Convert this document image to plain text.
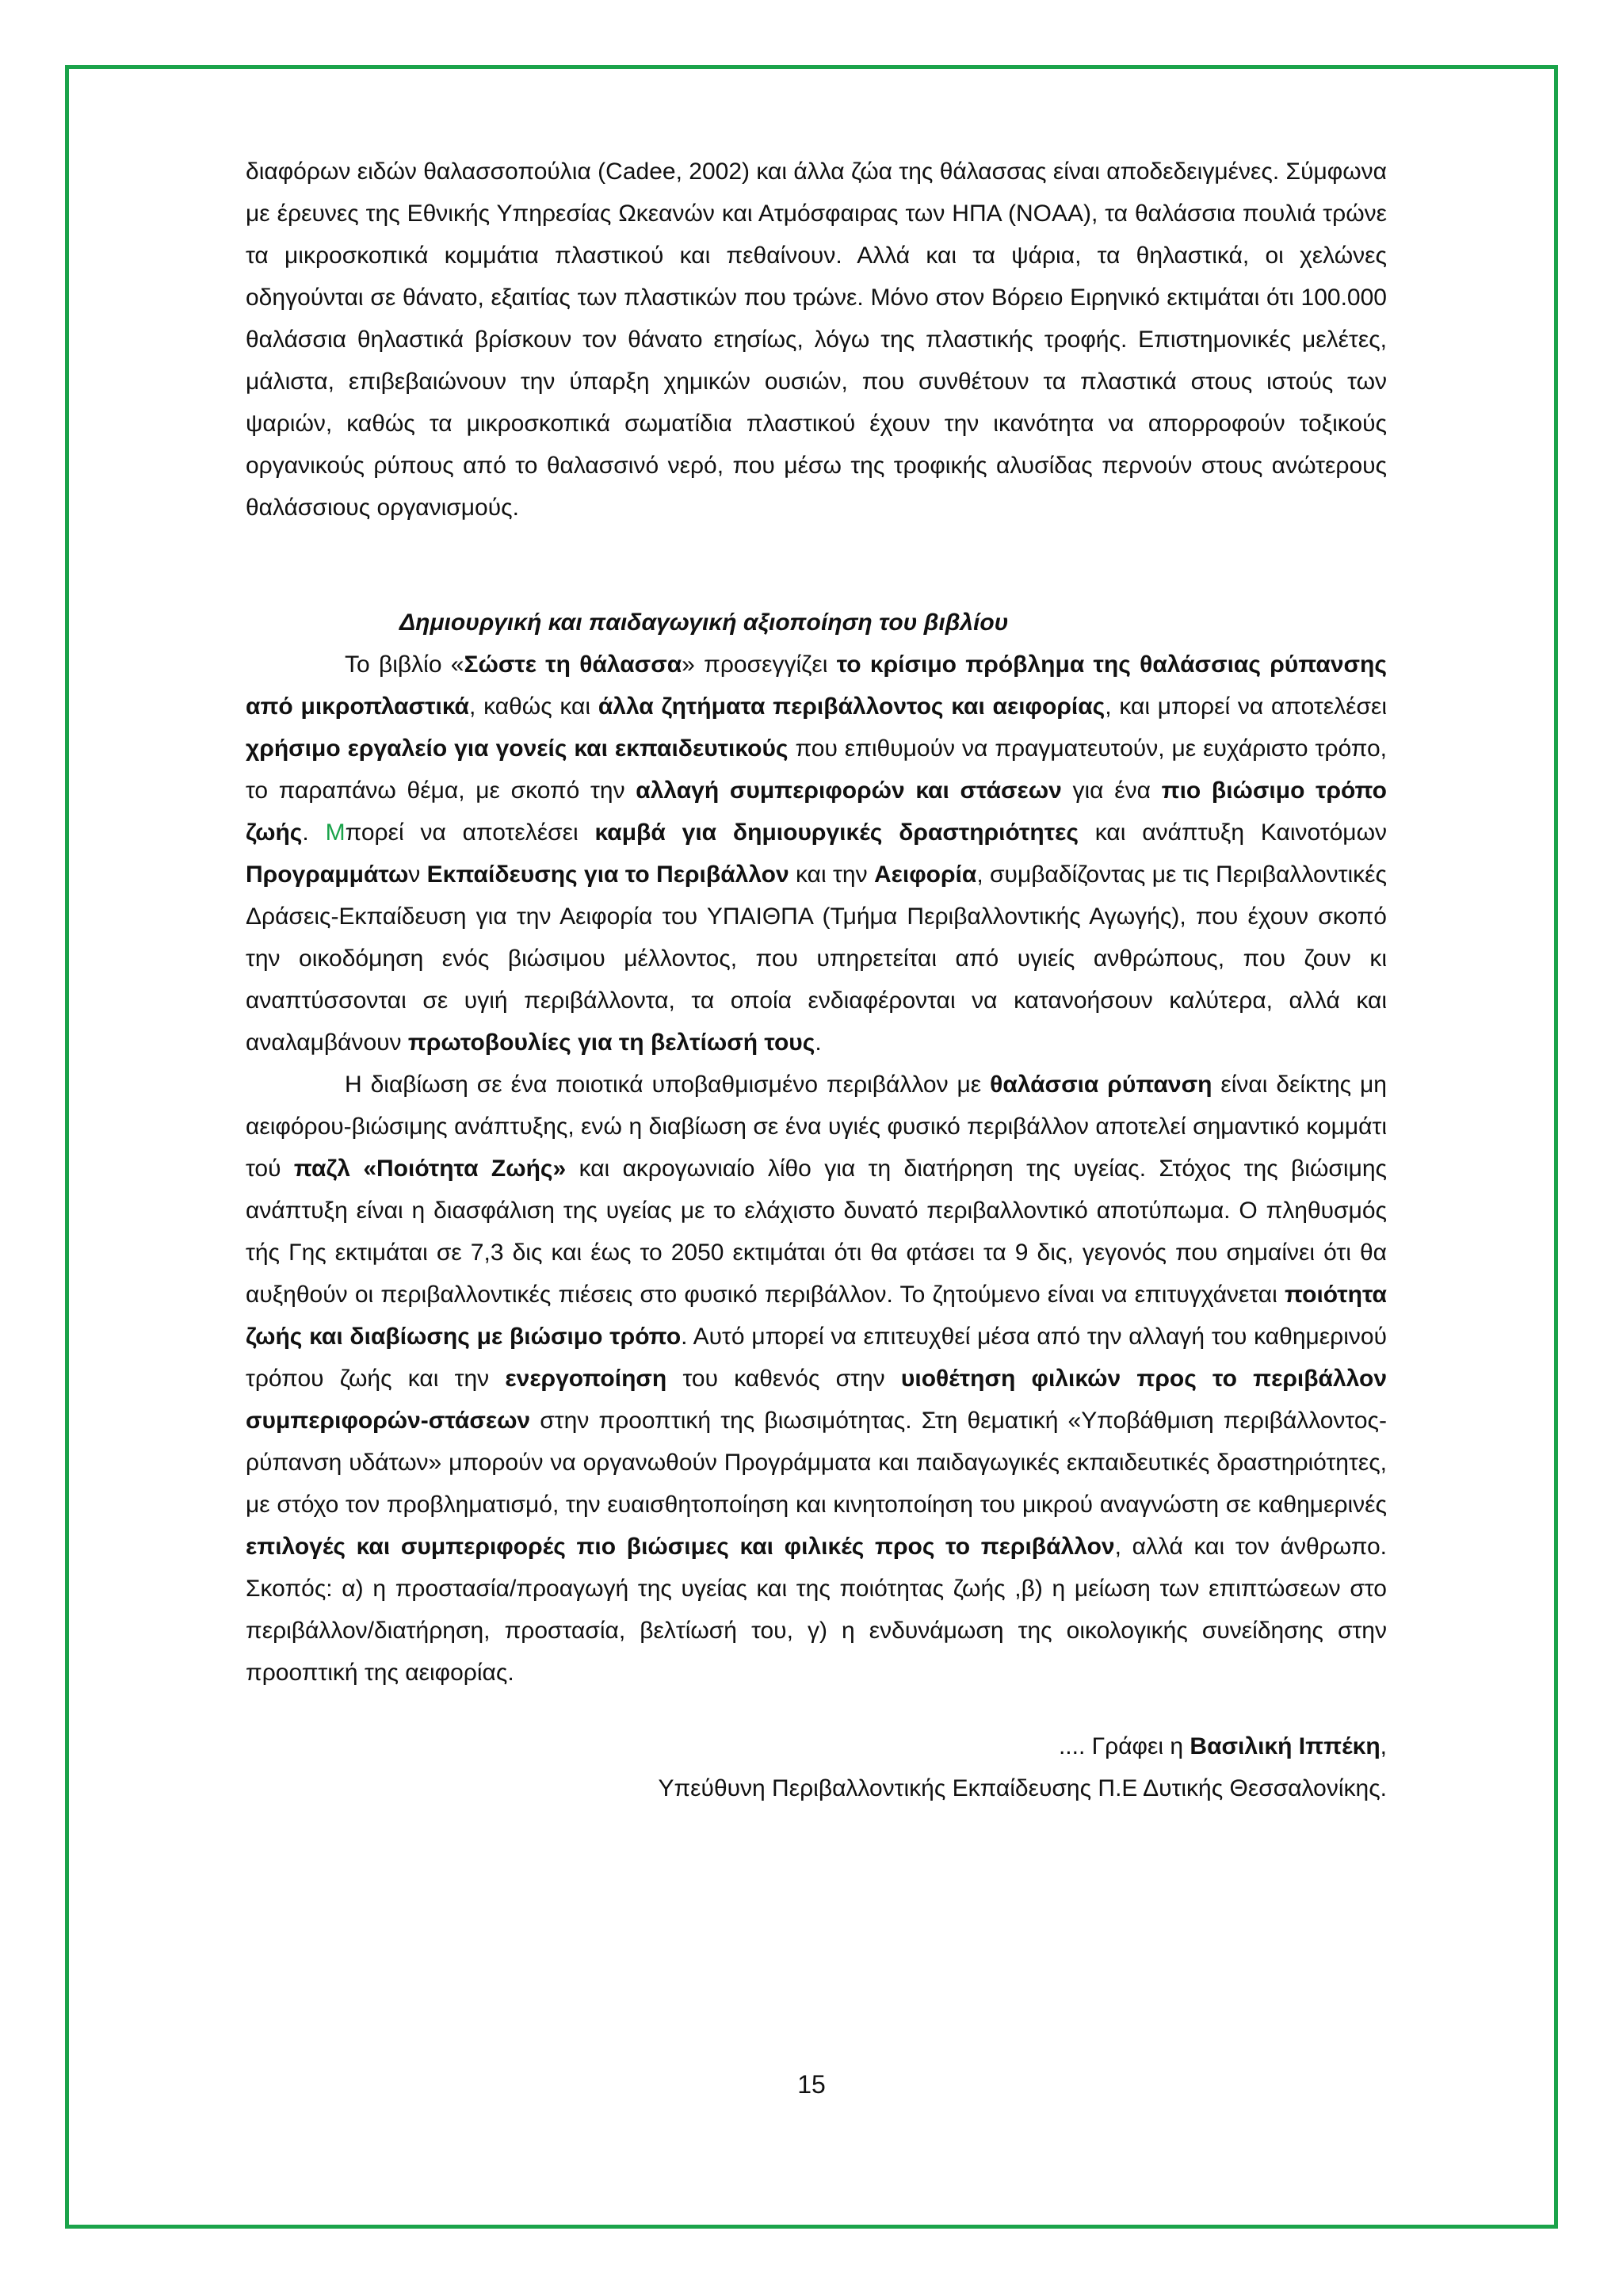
διαφόρων ειδών θαλασσοπούλια (Cadee, 2002) και άλλα ζώα της θάλασσας είναι αποδεδειγμένες. Σύμφωνα με έρευνες της Εθνικής Υπηρεσίας Ωκεανών και Ατμόσφαιρας των ΗΠΑ (NOAA), τα θαλάσσια πουλιά τρώνε τα μικροσκοπικά κομμάτια πλαστικού και πεθαίνουν. Αλλά και τα ψάρια, τα θηλαστικά, οι χελώνες οδηγούνται σε θάνατο, εξαιτίας των πλαστικών που τρώνε. Μόνο στον Βόρειο Ειρηνικό εκτιμάται ότι 100.000 θαλάσσια θηλαστικά βρίσκουν τον θάνατο ετησίως, λόγω της πλαστικής τροφής. Επιστημονικές μελέτες, μάλιστα, επιβεβαιώνουν την ύπαρξη χημικών ουσιών, που συνθέτουν τα πλαστικά στους ιστούς των ψαριών, καθώς τα μικροσκοπικά σωματίδια πλαστικού έχουν την ικανότητα να απορροφούν τοξικούς οργανικούς ρύπους από το θαλασσινό νερό, που μέσω της τροφικής αλυσίδας περνούν στους ανώτερους θαλάσσιους οργανισμούς.

Δημιουργική και παιδαγωγική αξιοποίηση του βιβλίου

Το βιβλίο «Σώστε τη θάλασσα» προσεγγίζει το κρίσιμο πρόβλημα της θαλάσσιας ρύπανσης από μικροπλαστικά, καθώς και άλλα ζητήματα περιβάλλοντος και αειφορίας, και μπορεί να αποτελέσει χρήσιμο εργαλείο για γονείς και εκπαιδευτικούς που επιθυμούν να πραγματευτούν, με ευχάριστο τρόπο, το παραπάνω θέμα, με σκοπό την αλλαγή συμπεριφορών και στάσεων για ένα πιο βιώσιμο τρόπο ζωής. Μπορεί να αποτελέσει καμβά για δημιουργικές δραστηριότητες και ανάπτυξη Καινοτόμων Προγραμμάτων Εκπαίδευσης για το Περιβάλλον και την Αειφορία, συμβαδίζοντας με τις Περιβαλλοντικές Δράσεις-Εκπαίδευση για την Αειφορία του ΥΠΑΙΘΠΑ (Τμήμα Περιβαλλοντικής Αγωγής), που έχουν σκοπό την οικοδόμηση ενός βιώσιμου μέλλοντος, που υπηρετείται από υγιείς ανθρώπους, που ζουν κι αναπτύσσονται σε υγιή περιβάλλοντα, τα οποία ενδιαφέρονται να κατανοήσουν καλύτερα, αλλά και αναλαμβάνουν πρωτοβουλίες για τη βελτίωσή τους.

Η διαβίωση σε ένα ποιοτικά υποβαθμισμένο περιβάλλον με θαλάσσια ρύπανση είναι δείκτης μη αειφόρου-βιώσιμης ανάπτυξης, ενώ η διαβίωση σε ένα υγιές φυσικό περιβάλλον αποτελεί σημαντικό κομμάτι τού παζλ «Ποιότητα Ζωής» και ακρογωνιαίο λίθο για τη διατήρηση της υγείας. Στόχος της βιώσιμης ανάπτυξη είναι η διασφάλιση της υγείας με το ελάχιστο δυνατό περιβαλλοντικό αποτύπωμα. Ο πληθυσμός τής Γης εκτιμάται σε 7,3 δις και έως το 2050 εκτιμάται ότι θα φτάσει τα 9 δις, γεγονός που σημαίνει ότι θα αυξηθούν οι περιβαλλοντικές πιέσεις στο φυσικό περιβάλλον. Το ζητούμενο είναι να επιτυγχάνεται ποιότητα ζωής και διαβίωσης με βιώσιμο τρόπο. Αυτό μπορεί να επιτευχθεί μέσα από την αλλαγή του καθημερινού τρόπου ζωής και την ενεργοποίηση του καθενός στην υιοθέτηση φιλικών προς το περιβάλλον συμπεριφορών-στάσεων στην προοπτική της βιωσιμότητας. Στη θεματική «Υποβάθμιση περιβάλλοντος-ρύπανση υδάτων» μπορούν να οργανωθούν Προγράμματα και παιδαγωγικές εκπαιδευτικές δραστηριότητες, με στόχο τον προβληματισμό, την ευαισθητοποίηση και κινητοποίηση του μικρού αναγνώστη σε καθημερινές επιλογές και συμπεριφορές πιο βιώσιμες και φιλικές προς το περιβάλλον, αλλά και τον άνθρωπο. Σκοπός: α) η προστασία/προαγωγή της υγείας και της ποιότητας ζωής ,β) η μείωση των επιπτώσεων στο περιβάλλον/διατήρηση, προστασία, βελτίωσή του, γ) η ενδυνάμωση της οικολογικής συνείδησης στην προοπτική της αειφορίας.

.... Γράφει η Βασιλική Ιππέκη,
Υπεύθυνη Περιβαλλοντικής Εκπαίδευσης Π.Ε Δυτικής Θεσσαλονίκης.
15
